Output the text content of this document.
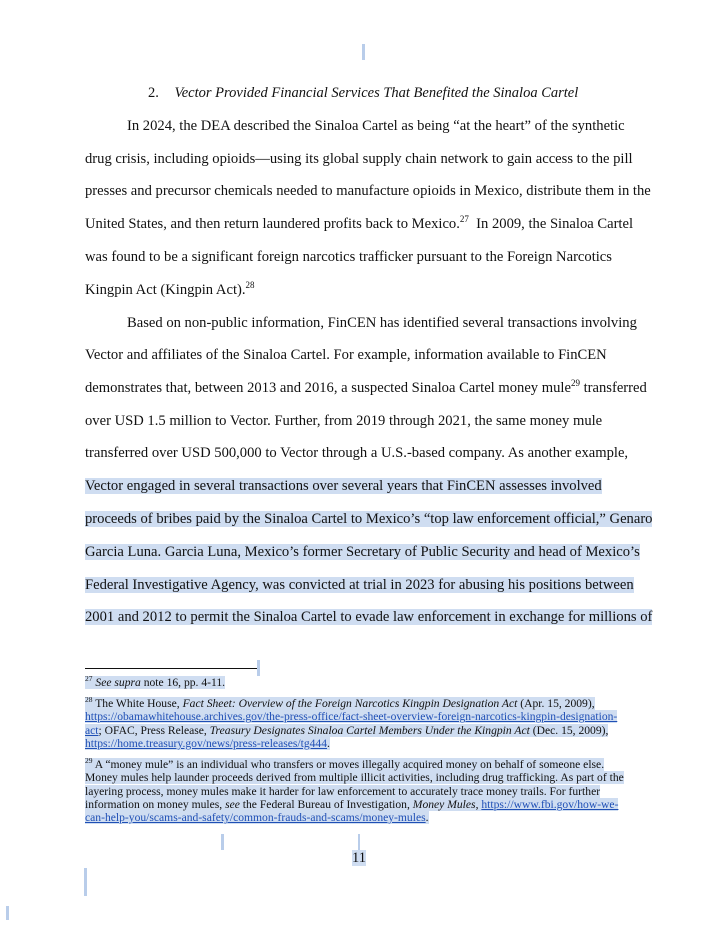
2. Vector Provided Financial Services That Benefited the Sinaloa Cartel
In 2024, the DEA described the Sinaloa Cartel as being “at the heart” of the synthetic
drug crisis, including opioids—using its global supply chain network to gain access to the pill
presses and precursor chemicals needed to manufacture opioids in Mexico, distribute them in the
United States, and then return laundered profits back to Mexico.$^{27}$ In 2009, the Sinaloa Cartel
was found to be a significant foreign narcotics trafficker pursuant to the Foreign Narcotics
Kingpin Act (Kingpin Act).$^{28}$
Based on non-public information, FinCEN has identified several transactions involving
Vector and affiliates of the Sinaloa Cartel. For example, information available to FinCEN
demonstrates that, between 2013 and 2016, a suspected Sinaloa Cartel money mule$^{29}$ transferred
over USD 1.5 million to Vector. Further, from 2019 through 2021, the same money mule
transferred over USD 500,000 to Vector through a U.S.-based company. As another example,
Vector engaged in several transactions over several years that FinCEN assesses involved
proceeds of bribes paid by the Sinaloa Cartel to Mexico’s “top law enforcement official,” Genaro
Garcia Luna. Garcia Luna, Mexico’s former Secretary of Public Security and head of Mexico’s
Federal Investigative Agency, was convicted at trial in 2023 for abusing his positions between
2001 and 2012 to permit the Sinaloa Cartel to evade law enforcement in exchange for millions of
$^{27}$ See supra note 16, pp. 4-11.
$^{28}$ The White House, Fact Sheet: Overview of the Foreign Narcotics Kingpin Designation Act (Apr. 15, 2009),
https://obamawhitehouse.archives.gov/the-press-office/fact-sheet-overview-foreign-narcotics-kingpin-designation-
act; OFAC, Press Release, Treasury Designates Sinaloa Cartel Members Under the Kingpin Act (Dec. 15, 2009),
https://home.treasury.gov/news/press-releases/tg444.
$^{29}$ A “money mule” is an individual who transfers or moves illegally acquired money on behalf of someone else.
Money mules help launder proceeds derived from multiple illicit activities, including drug trafficking. As part of the
layering process, money mules make it harder for law enforcement to accurately trace money trails. For further
information on money mules, see the Federal Bureau of Investigation, Money Mules, https://www.fbi.gov/how-we-
can-help-you/scams-and-safety/common-frauds-and-scams/money-mules.
11
